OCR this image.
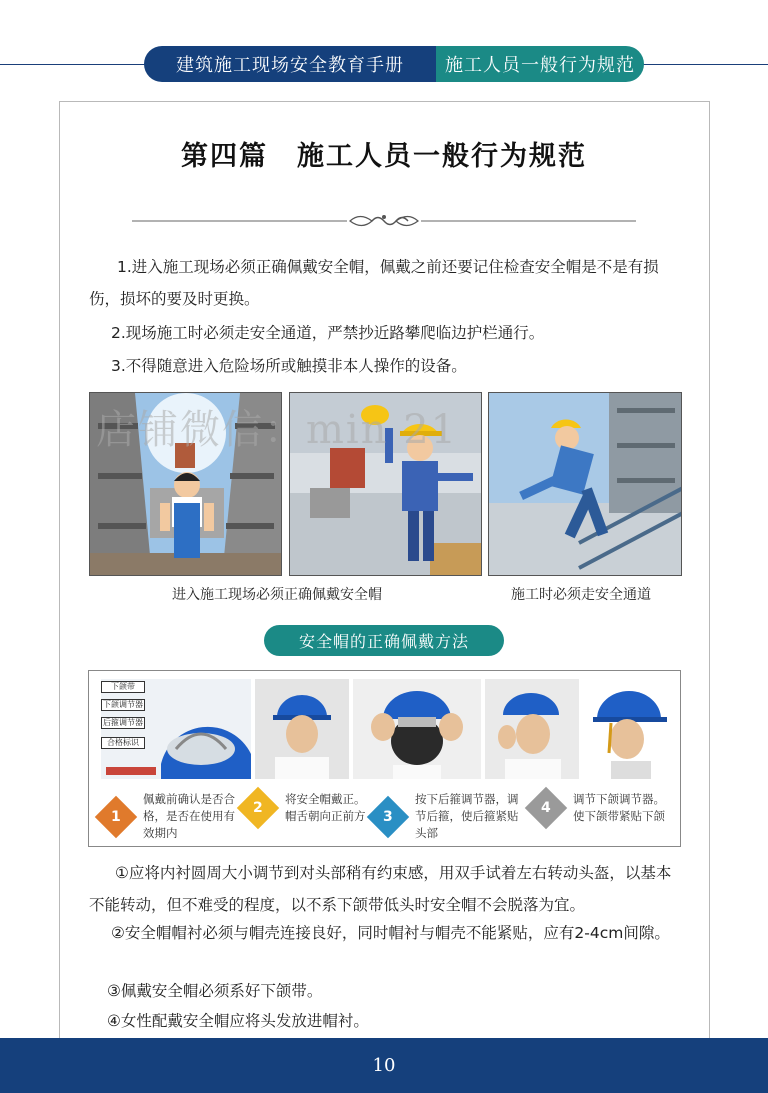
建筑施工现场安全教育手册	施工人员一般行为规范
第四篇　施工人员一般行为规范

1.进入施工现场必须正确佩戴安全帽，佩戴之前还要记住检查安全帽是不是有损伤，损坏的要及时更换。

2.现场施工时必须走安全通道，严禁抄近路攀爬临边护栏通行。

3.不得随意进入危险场所或触摸非本人操作的设备。

店铺微信：min 21
进入施工现场必须正确佩戴安全帽	施工时必须走安全通道
安全帽的正确佩戴方法
下颌带
下颌调节器
后箍调节器
合格标识
1
佩戴前确认是否合格，是否在使用有效期内
2
将安全帽戴正。帽舌朝向正前方	3
按下后箍调节器，调节后箍，使后箍紧贴头部
4
调节下颌调节器。使下颌带紧贴下颌

①应将内衬圆周大小调节到对头部稍有约束感，用双手试着左右转动头盔，以基本不能转动，但不难受的程度，以不系下颌带低头时安全帽不会脱落为宜。

②安全帽帽衬必须与帽壳连接良好，同时帽衬与帽壳不能紧贴，应有2-4cm间隙。

③佩戴安全帽必须系好下颌带。

④女性配戴安全帽应将头发放进帽衬。

10
